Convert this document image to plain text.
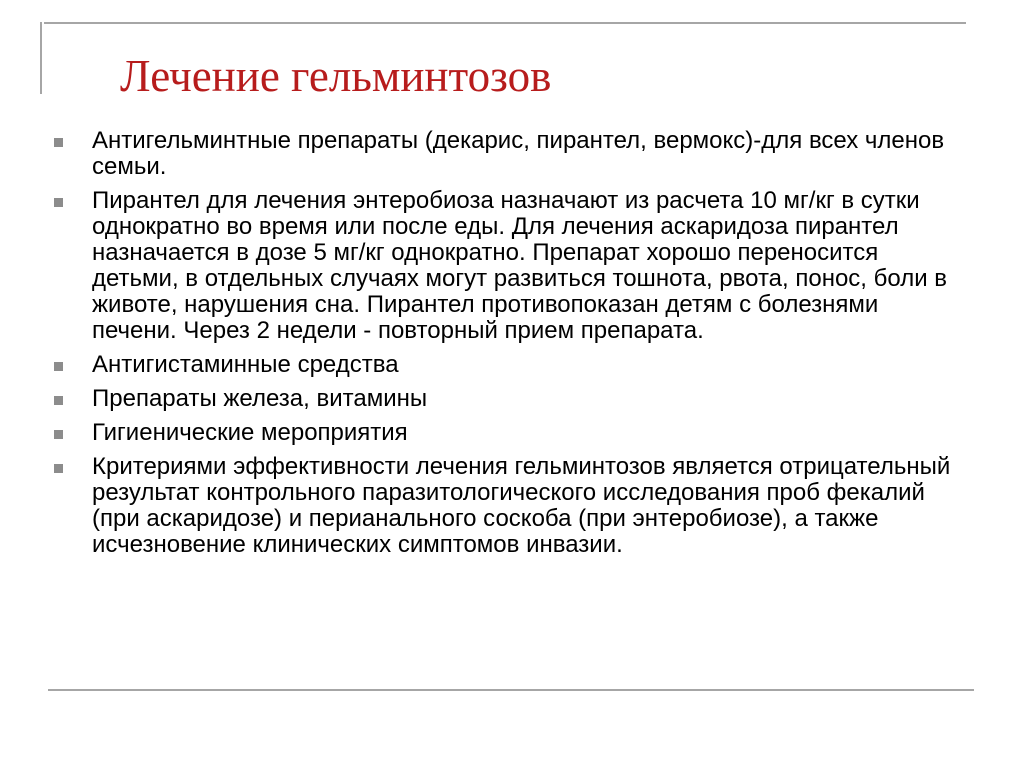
Лечение гельминтозов
Антигельминтные препараты (декарис, пирантел, вермокс)-для всех членов семьи.
Пирантел для лечения энтеробиоза назначают из расчета 10 мг/кг в сутки однократно во время или после еды. Для лечения аскаридоза пирантел назначается в дозе 5 мг/кг однократно. Препарат хорошо переносится детьми, в отдельных случаях могут развиться тошнота, рвота, понос, боли в животе, нарушения сна. Пирантел противопоказан детям с болезнями печени. Через 2 недели - повторный прием препарата.
Антигистаминные средства
Препараты железа, витамины
Гигиенические мероприятия
Критериями эффективности лечения гельминтозов является отрицательный результат контрольного паразитологического исследования проб фекалий (при аскаридозе) и перианального соскоба (при энтеробиозе), а также исчезновение клинических симптомов инвазии.
